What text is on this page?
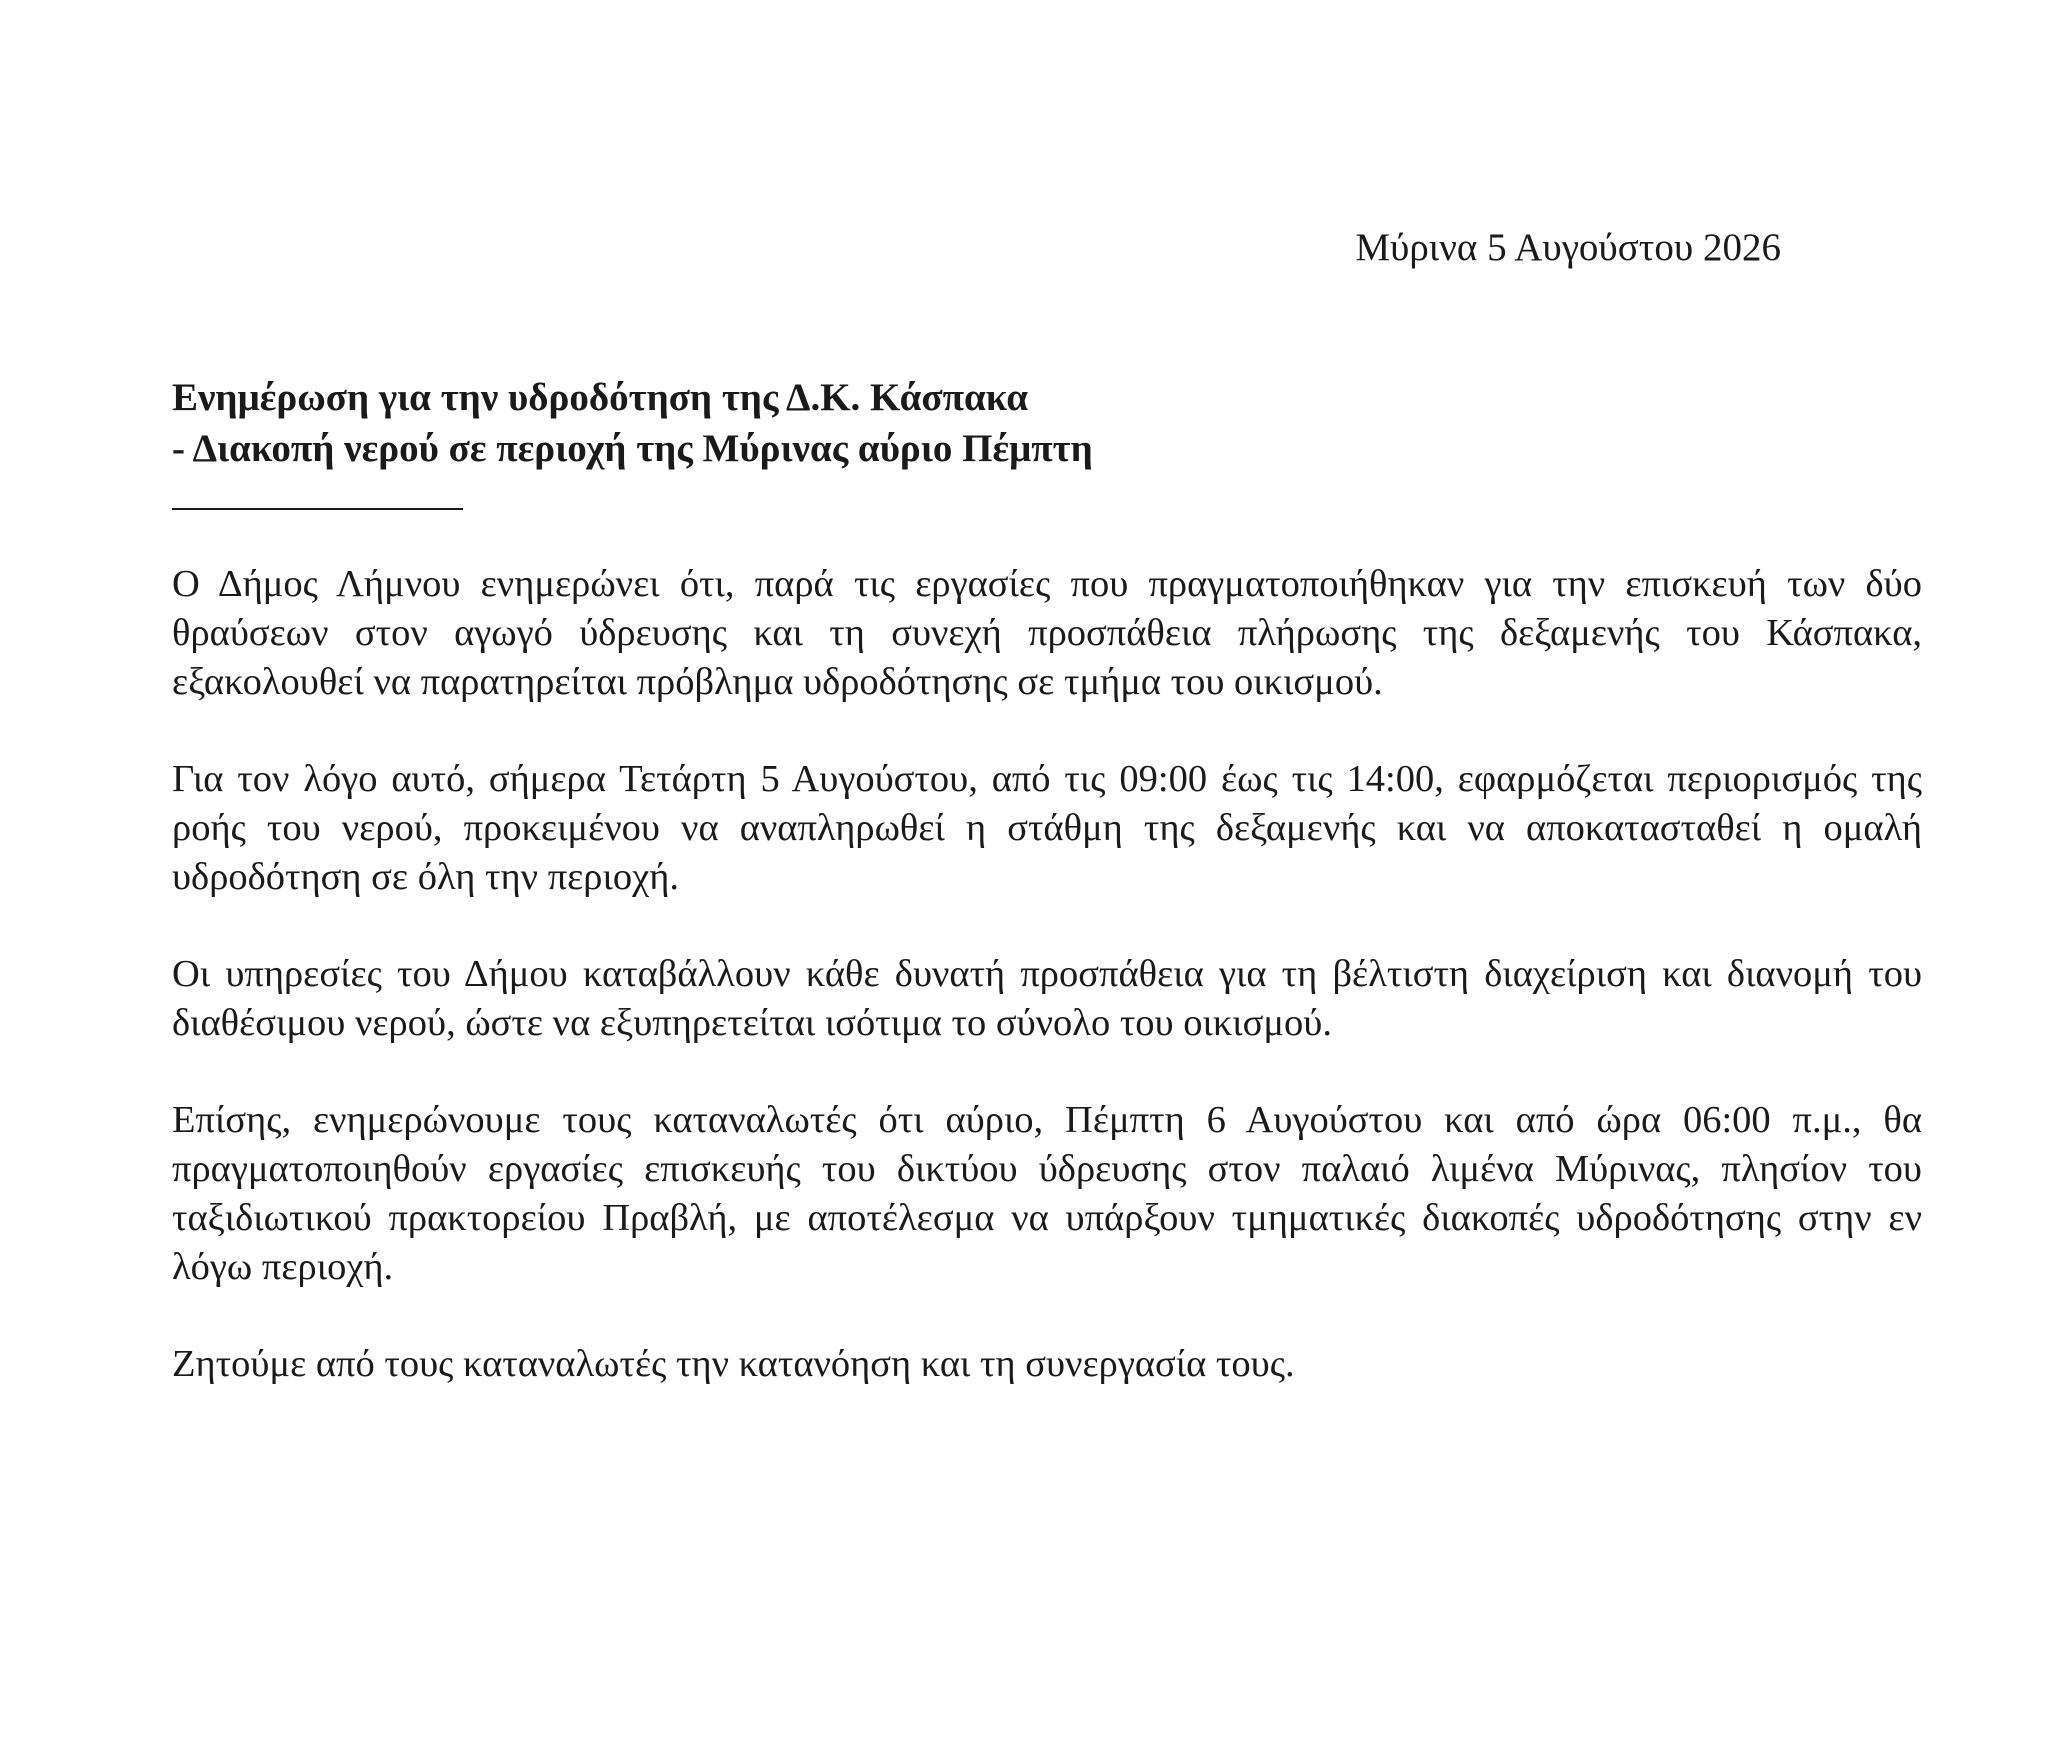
Μύρινα 5 Αυγούστου 2026
Ενημέρωση για την υδροδότηση της Δ.Κ. Κάσπακα
- Διακοπή νερού σε περιοχή της Μύρινας αύριο Πέμπτη

Ο Δήμος Λήμνου ενημερώνει ότι, παρά τις εργασίες που πραγματοποιήθηκαν για την επισκευή των δύο θραύσεων στον αγωγό ύδρευσης και τη συνεχή προσπάθεια πλήρωσης της δεξαμενής του Κάσπακα, εξακολουθεί να παρατηρείται πρόβλημα υδροδότησης σε τμήμα του οικισμού.

Για τον λόγο αυτό, σήμερα Τετάρτη 5 Αυγούστου, από τις 09:00 έως τις 14:00, εφαρμόζεται περιορισμός της ροής του νερού, προκειμένου να αναπληρωθεί η στάθμη της δεξαμενής και να αποκατασταθεί η ομαλή υδροδότηση σε όλη την περιοχή.

Οι υπηρεσίες του Δήμου καταβάλλουν κάθε δυνατή προσπάθεια για τη βέλτιστη διαχείριση και διανομή του διαθέσιμου νερού, ώστε να εξυπηρετείται ισότιμα το σύνολο του οικισμού.

Επίσης, ενημερώνουμε τους καταναλωτές ότι αύριο, Πέμπτη 6 Αυγούστου και από ώρα 06:00 π.μ., θα πραγματοποιηθούν εργασίες επισκευής του δικτύου ύδρευσης στον παλαιό λιμένα Μύρινας, πλησίον του ταξιδιωτικού πρακτορείου Πραβλή, με αποτέλεσμα να υπάρξουν τμηματικές διακοπές υδροδότησης στην εν λόγω περιοχή.

Ζητούμε από τους καταναλωτές την κατανόηση και τη συνεργασία τους.
